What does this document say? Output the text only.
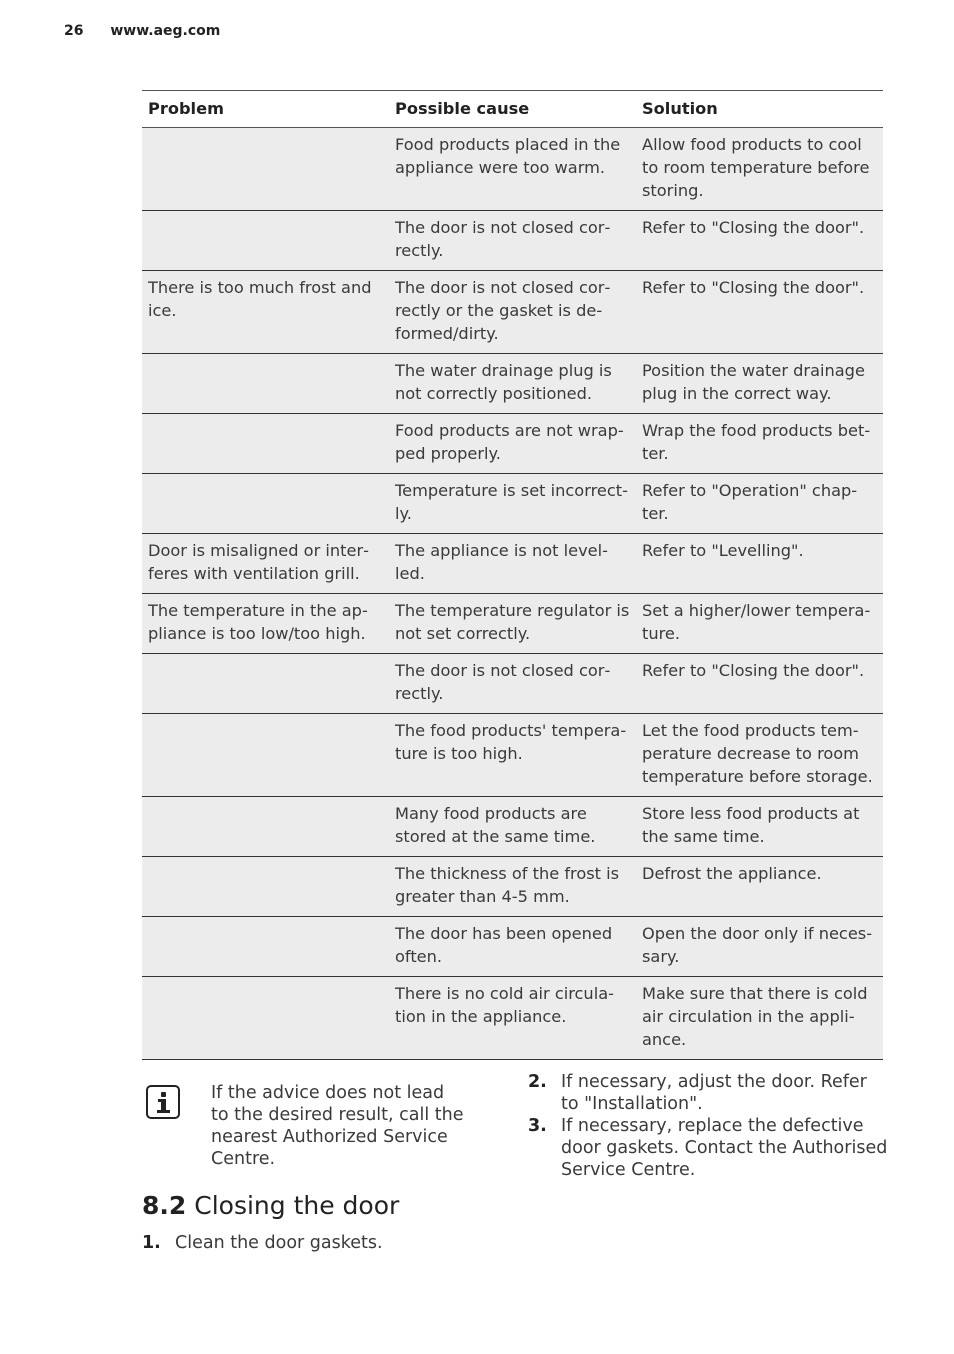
26 www.aeg.com
Problem	Possible cause	Solution
	Food products placed in the appliance were too warm.	Allow food products to cool to room temperature before storing.
	The door is not closed correctly.	Refer to "Closing the door".
There is too much frost and ice.	The door is not closed correctly or the gasket is deformed/dirty.	Refer to "Closing the door".
	The water drainage plug is not correctly positioned.	Position the water drainage plug in the correct way.
	Food products are not wrapped properly.	Wrap the food products better.
	Temperature is set incorrectly.	Refer to "Operation" chapter.
Door is misaligned or interferes with ventilation grill.	The appliance is not levelled.	Refer to "Levelling".
The temperature in the appliance is too low/too high.	The temperature regulator is not set correctly.	Set a higher/lower temperature.
	The door is not closed correctly.	Refer to "Closing the door".
	The food products' temperature is too high.	Let the food products temperature decrease to room temperature before storage.
	Many food products are stored at the same time.	Store less food products at the same time.
	The thickness of the frost is greater than 4-5 mm.	Defrost the appliance.
	The door has been opened often.	Open the door only if necessary.
	There is no cold air circulation in the appliance.	Make sure that there is cold air circulation in the appliance.
If the advice does not lead to the desired result, call the nearest Authorized Service Centre.
2. If necessary, adjust the door. Refer to "Installation".
3. If necessary, replace the defective door gaskets. Contact the Authorised Service Centre.
8.2 Closing the door
1. Clean the door gaskets.
